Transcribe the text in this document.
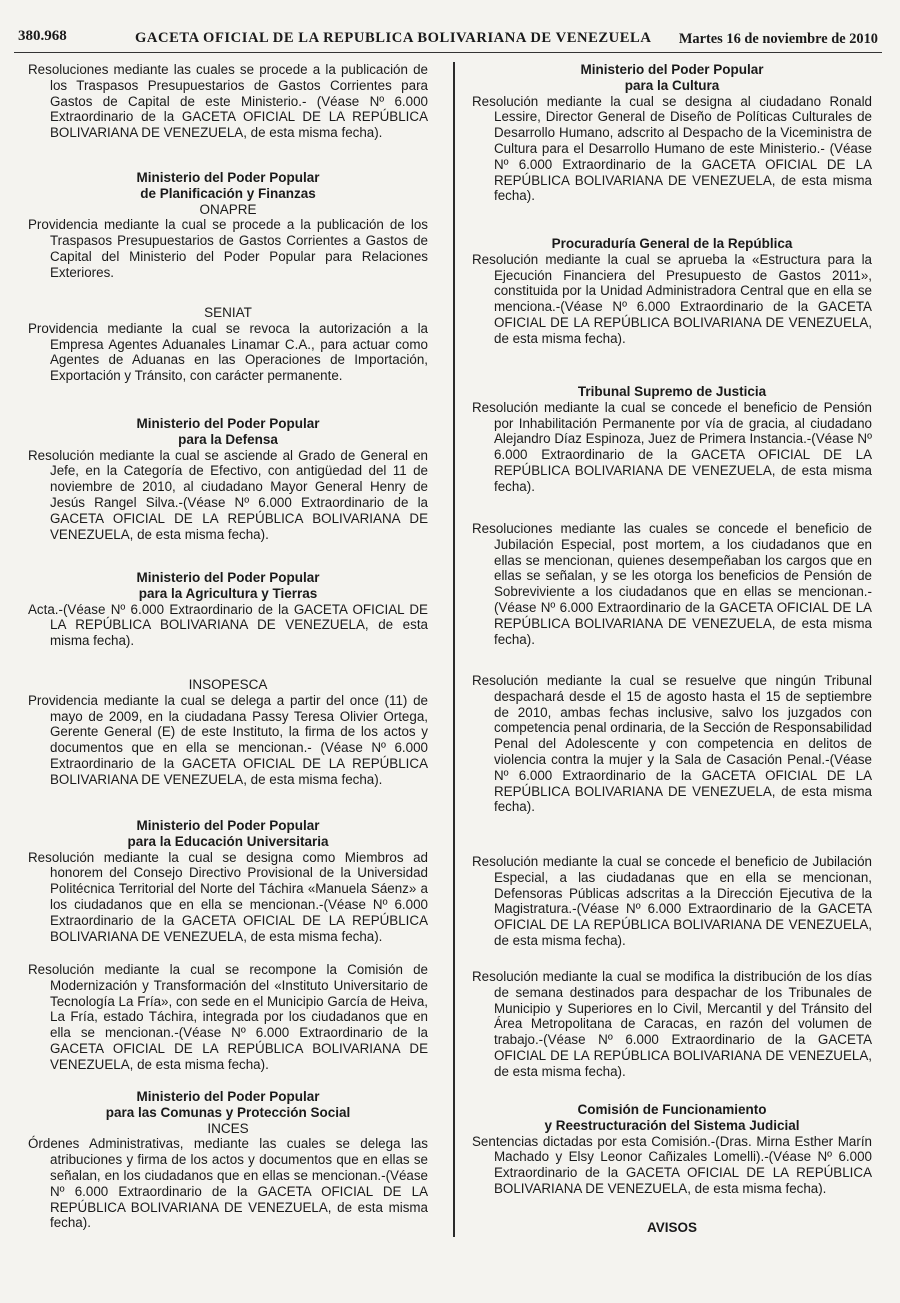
380.968	GACETA OFICIAL DE LA REPUBLICA BOLIVARIANA DE VENEZUELA Martes 16 de noviembre de 2010
Resoluciones mediante las cuales se procede a la publicación de los Traspasos Presupuestarios de Gastos Corrientes para Gastos de Capital de este Ministerio.- (Véase Nº 6.000 Extraordinario de la GACETA OFICIAL DE LA REPÚBLICA BOLIVARIANA DE VENEZUELA, de esta misma fecha).
Ministerio del Poder Popular
de Planificación y Finanzas
ONAPRE
Providencia mediante la cual se procede a la publicación de los Traspasos Presupuestarios de Gastos Corrientes a Gastos de Capital del Ministerio del Poder Popular para Relaciones Exteriores.
SENIAT
Providencia mediante la cual se revoca la autorización a la Empresa Agentes Aduanales Linamar C.A., para actuar como Agentes de Aduanas en las Operaciones de Importación, Exportación y Tránsito, con carácter permanente.
Ministerio del Poder Popular
para la Defensa
Resolución mediante la cual se asciende al Grado de General en Jefe, en la Categoría de Efectivo, con antigüedad del 11 de noviembre de 2010, al ciudadano Mayor General Henry de Jesús Rangel Silva.-(Véase Nº 6.000 Extraordinario de la GACETA OFICIAL DE LA REPÚBLICA BOLIVARIANA DE VENEZUELA, de esta misma fecha).
Ministerio del Poder Popular
para la Agricultura y Tierras
Acta.-(Véase Nº 6.000 Extraordinario de la GACETA OFICIAL DE LA REPÚBLICA BOLIVARIANA DE VENEZUELA, de esta misma fecha).
INSOPESCA
Providencia mediante la cual se delega a partir del once (11) de mayo de 2009, en la ciudadana Passy Teresa Olivier Ortega, Gerente General (E) de este Instituto, la firma de los actos y documentos que en ella se mencionan.- (Véase Nº 6.000 Extraordinario de la GACETA OFICIAL DE LA REPÚBLICA BOLIVARIANA DE VENEZUELA, de esta misma fecha).
Ministerio del Poder Popular
para la Educación Universitaria
Resolución mediante la cual se designa como Miembros ad honorem del Consejo Directivo Provisional de la Universidad Politécnica Territorial del Norte del Táchira «Manuela Sáenz» a los ciudadanos que en ella se mencionan.-(Véase Nº 6.000 Extraordinario de la GACETA OFICIAL DE LA REPÚBLICA BOLIVARIANA DE VENEZUELA, de esta misma fecha).
Resolución mediante la cual se recompone la Comisión de Modernización y Transformación del «Instituto Universitario de Tecnología La Fría», con sede en el Municipio García de Heiva, La Fría, estado Táchira, integrada por los ciudadanos que en ella se mencionan.-(Véase Nº 6.000 Extraordinario de la GACETA OFICIAL DE LA REPÚBLICA BOLIVARIANA DE VENEZUELA, de esta misma fecha).
Ministerio del Poder Popular
para las Comunas y Protección Social
INCES
Órdenes Administrativas, mediante las cuales se delega las atribuciones y firma de los actos y documentos que en ellas se señalan, en los ciudadanos que en ellas se mencionan.-(Véase Nº 6.000 Extraordinario de la GACETA OFICIAL DE LA REPÚBLICA BOLIVARIANA DE VENEZUELA, de esta misma fecha).
Ministerio del Poder Popular
para la Cultura
Resolución mediante la cual se designa al ciudadano Ronald Lessire, Director General de Diseño de Políticas Culturales de Desarrollo Humano, adscrito al Despacho de la Viceministra de Cultura para el Desarrollo Humano de este Ministerio.- (Véase Nº 6.000 Extraordinario de la GACETA OFICIAL DE LA REPÚBLICA BOLIVARIANA DE VENEZUELA, de esta misma fecha).
Procuraduría General de la República
Resolución mediante la cual se aprueba la «Estructura para la Ejecución Financiera del Presupuesto de Gastos 2011», constituida por la Unidad Administradora Central que en ella se menciona.-(Véase Nº 6.000 Extraordinario de la GACETA OFICIAL DE LA REPÚBLICA BOLIVARIANA DE VENEZUELA, de esta misma fecha).
Tribunal Supremo de Justicia
Resolución mediante la cual se concede el beneficio de Pensión por Inhabilitación Permanente por vía de gracia, al ciudadano Alejandro Díaz Espinoza, Juez de Primera Instancia.-(Véase Nº 6.000 Extraordinario de la GACETA OFICIAL DE LA REPÚBLICA BOLIVARIANA DE VENEZUELA, de esta misma fecha).
Resoluciones mediante las cuales se concede el beneficio de Jubilación Especial, post mortem, a los ciudadanos que en ellas se mencionan, quienes desempeñaban los cargos que en ellas se señalan, y se les otorga los beneficios de Pensión de Sobreviviente a los ciudadanos que en ellas se mencionan.-(Véase Nº 6.000 Extraordinario de la GACETA OFICIAL DE LA REPÚBLICA BOLIVARIANA DE VENEZUELA, de esta misma fecha).
Resolución mediante la cual se resuelve que ningún Tribunal despachará desde el 15 de agosto hasta el 15 de septiembre de 2010, ambas fechas inclusive, salvo los juzgados con competencia penal ordinaria, de la Sección de Responsabilidad Penal del Adolescente y con competencia en delitos de violencia contra la mujer y la Sala de Casación Penal.-(Véase Nº 6.000 Extraordinario de la GACETA OFICIAL DE LA REPÚBLICA BOLIVARIANA DE VENEZUELA, de esta misma fecha).
Resolución mediante la cual se concede el beneficio de Jubilación Especial, a las ciudadanas que en ella se mencionan, Defensoras Públicas adscritas a la Dirección Ejecutiva de la Magistratura.-(Véase Nº 6.000 Extraordinario de la GACETA OFICIAL DE LA REPÚBLICA BOLIVARIANA DE VENEZUELA, de esta misma fecha).
Resolución mediante la cual se modifica la distribución de los días de semana destinados para despachar de los Tribunales de Municipio y Superiores en lo Civil, Mercantil y del Tránsito del Área Metropolitana de Caracas, en razón del volumen de trabajo.-(Véase Nº 6.000 Extraordinario de la GACETA OFICIAL DE LA REPÚBLICA BOLIVARIANA DE VENEZUELA, de esta misma fecha).
Comisión de Funcionamiento
y Reestructuración del Sistema Judicial
Sentencias dictadas por esta Comisión.-(Dras. Mirna Esther Marín Machado y Elsy Leonor Cañizales Lomelli).-(Véase Nº 6.000 Extraordinario de la GACETA OFICIAL DE LA REPÚBLICA BOLIVARIANA DE VENEZUELA, de esta misma fecha).
AVISOS
